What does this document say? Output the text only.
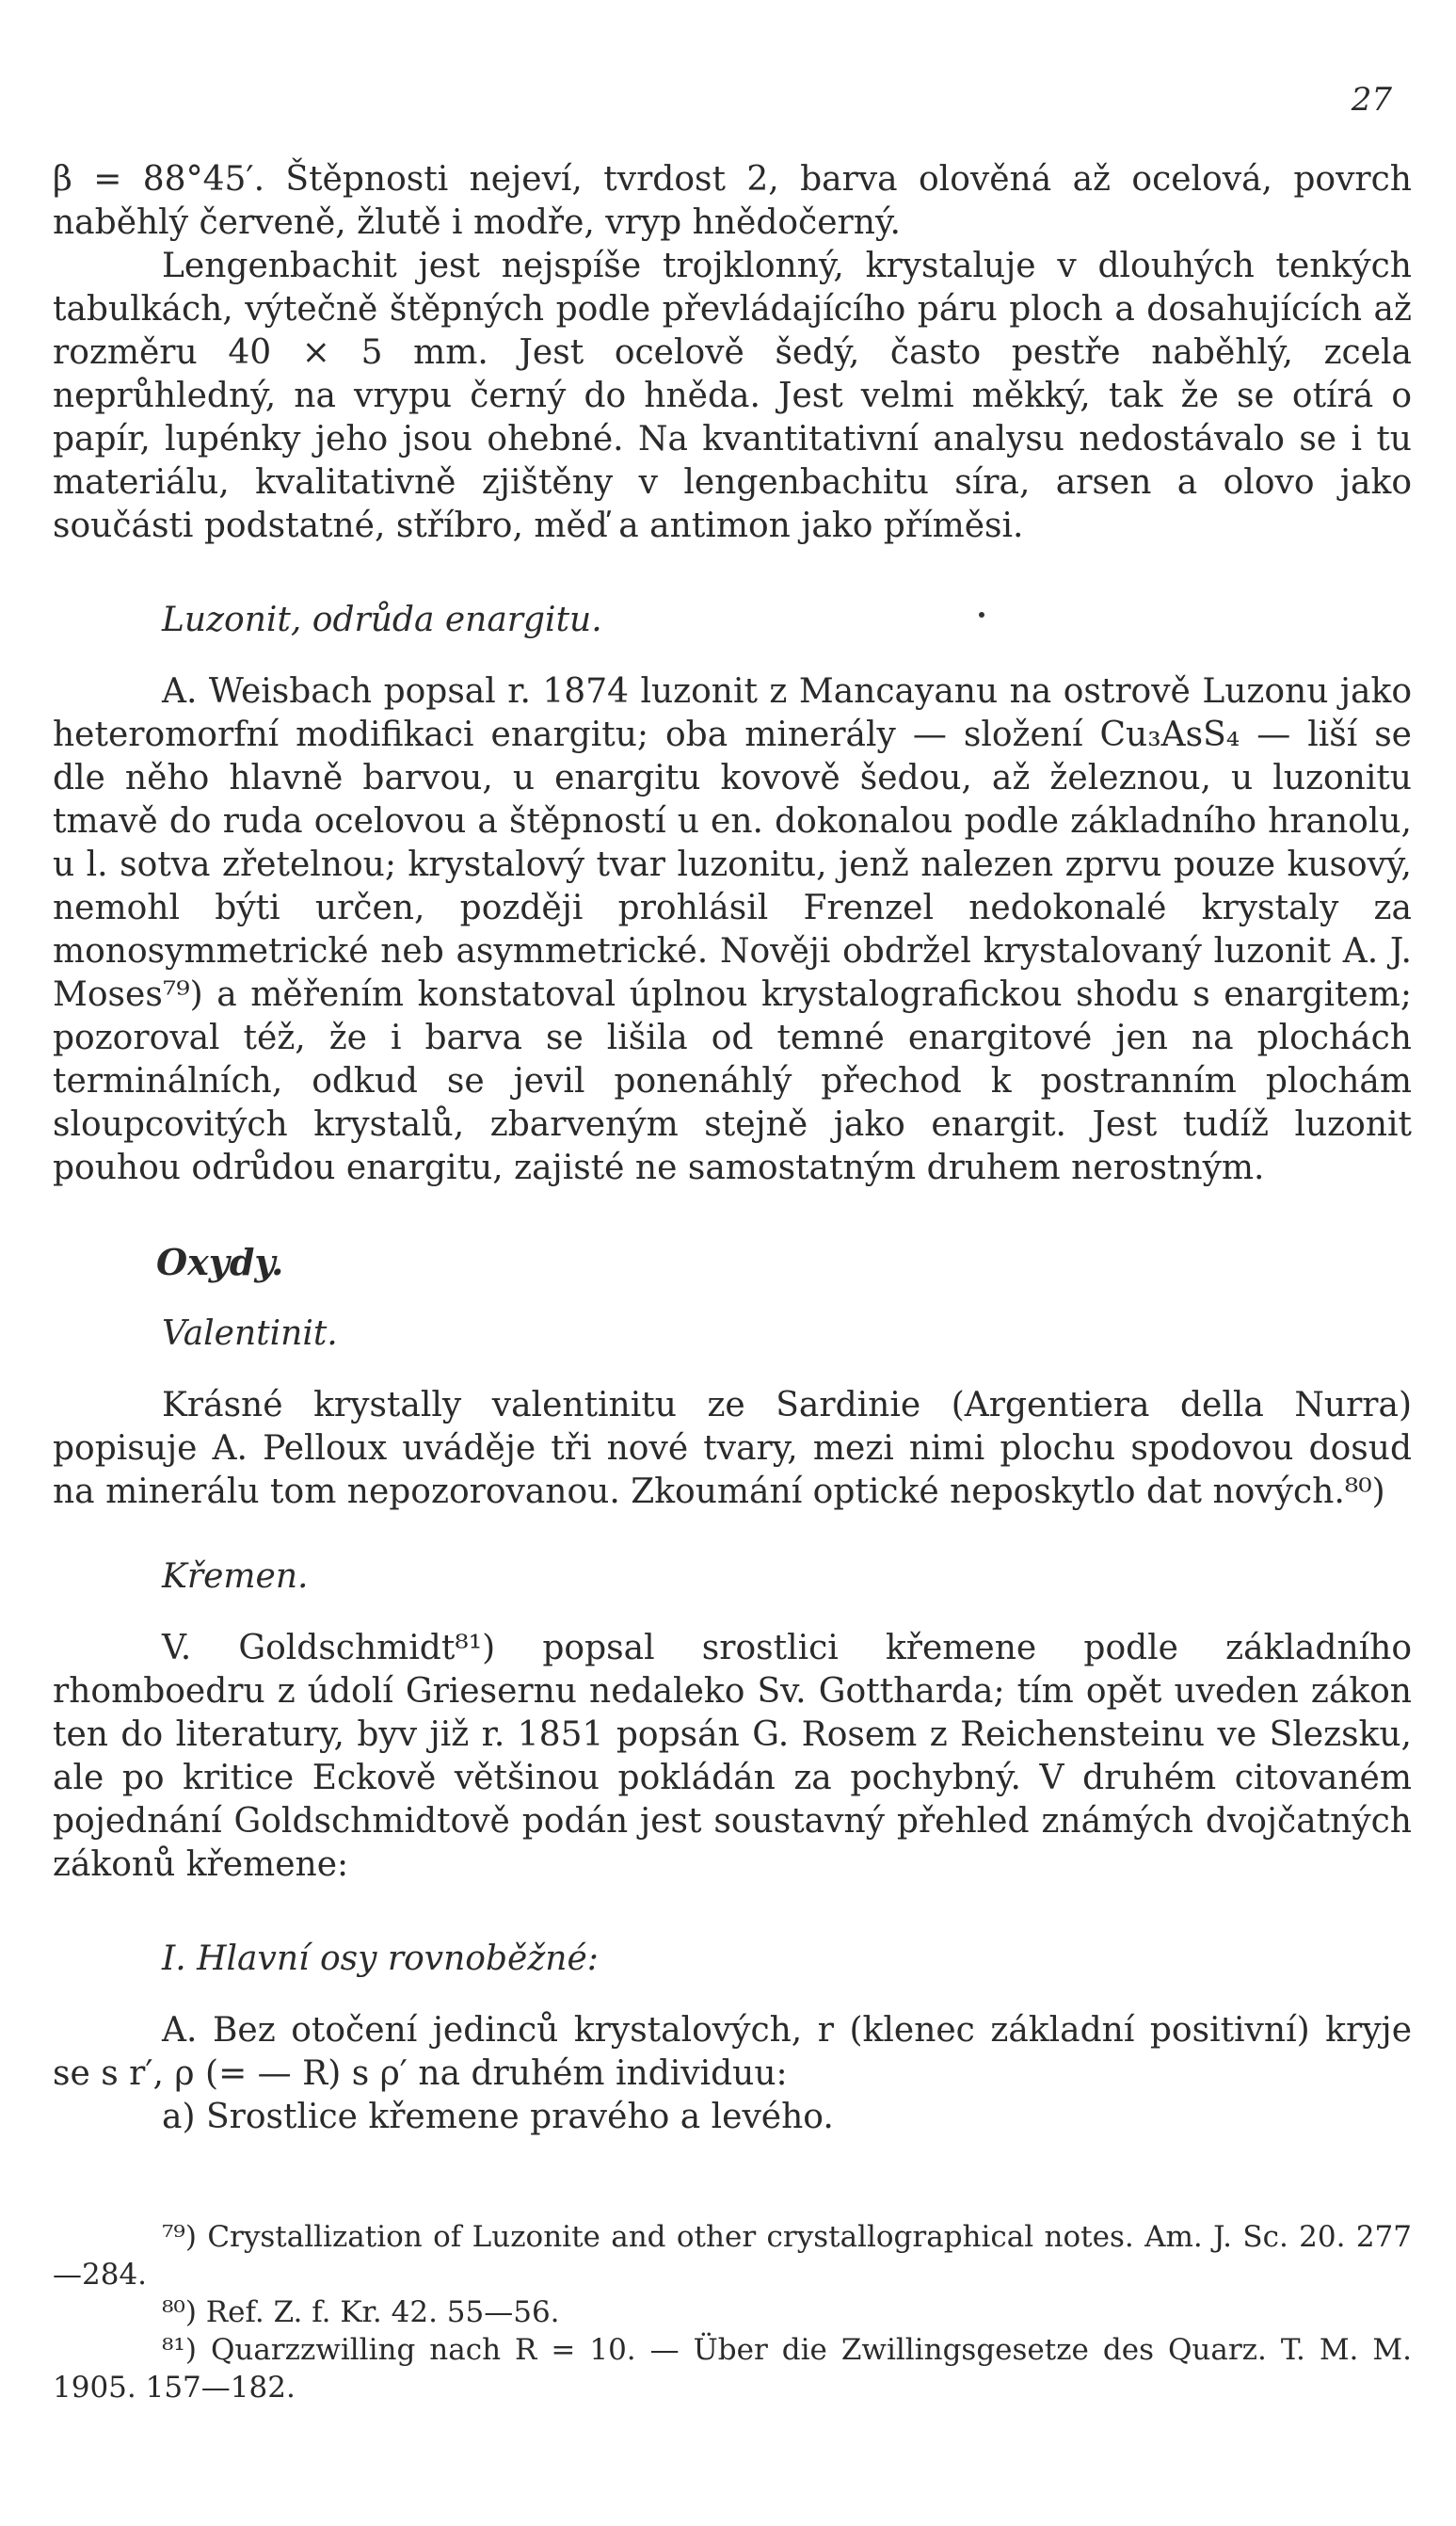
27

β = 88°45′. Štěpnosti nejeví, tvrdost 2, barva olověná až ocelová, povrch naběhlý červeně, žlutě i modře, vryp hnědočerný.

Lengenbachit jest nejspíše trojklonný, krystaluje v dlouhých tenkých tabulkách, výtečně štěpných podle převládajícího páru ploch a dosahujících až rozměru 40 × 5 mm. Jest ocelově šedý, často pestře naběhlý, zcela neprůhledný, na vrypu černý do hněda. Jest velmi měkký, tak že se otírá o papír, lupénky jeho jsou ohebné. Na kvantitativní analysu nedostávalo se i tu materiálu, kvalitativně zjištěny v lengenbachitu síra, arsen a olovo jako součásti podstatné, stříbro, měď a antimon jako příměsi.

Luzonit, odrůda enargitu.

A. Weisbach popsal r. 1874 luzonit z Mancayanu na ostrově Luzonu jako heteromorfní modifikaci enargitu; oba minerály — složení Cu₃AsS₄ — liší se dle něho hlavně barvou, u enargitu kovově šedou, až železnou, u luzonitu tmavě do ruda ocelovou a štěpností u en. dokonalou podle základního hranolu, u l. sotva zřetelnou; krystalový tvar luzonitu, jenž nalezen zprvu pouze kusový, nemohl býti určen, později prohlásil Frenzel nedokonalé krystaly za monosymmetrické neb asymmetrické. Nověji obdržel krystalovaný luzonit A. J. Moses⁷⁹) a měřením konstatoval úplnou krystalografickou shodu s enargitem; pozoroval též, že i barva se lišila od temné enargitové jen na plochách terminálních, odkud se jevil ponenáhlý přechod k postranním plochám sloupcovitých krystalů, zbarveným stejně jako enargit. Jest tudíž luzonit pouhou odrůdou enargitu, zajisté ne samostatným druhem nerostným.

Oxydy.

Valentinit.

Krásné krystally valentinitu ze Sardinie (Argentiera della Nurra) popisuje A. Pelloux uváděje tři nové tvary, mezi nimi plochu spodovou dosud na minerálu tom nepozorovanou. Zkoumání optické neposkytlo dat nových.⁸⁰)

Křemen.

V. Goldschmidt⁸¹) popsal srostlici křemene podle základního rhomboedru z údolí Griesernu nedaleko Sv. Gottharda; tím opět uveden zákon ten do literatury, byv již r. 1851 popsán G. Rosem z Reichensteinu ve Slezsku, ale po kritice Eckově většinou pokládán za pochybný. V druhém citovaném pojednání Goldschmidtově podán jest soustavný přehled známých dvojčatných zákonů křemene:

I. Hlavní osy rovnoběžné:

A. Bez otočení jedinců krystalových, r (klenec základní positivní) kryje se s r′, ρ (= — R) s ρ′ na druhém individuu:

a) Srostlice křemene pravého a levého.

⁷⁹) Crystallization of Luzonite and other crystallographical notes. Am. J. Sc. 20. 277—284.

⁸⁰) Ref. Z. f. Kr. 42. 55—56.

⁸¹) Quarzzwilling nach R = 10. — Über die Zwillingsgesetze des Quarz. T. M. M. 1905. 157—182.
